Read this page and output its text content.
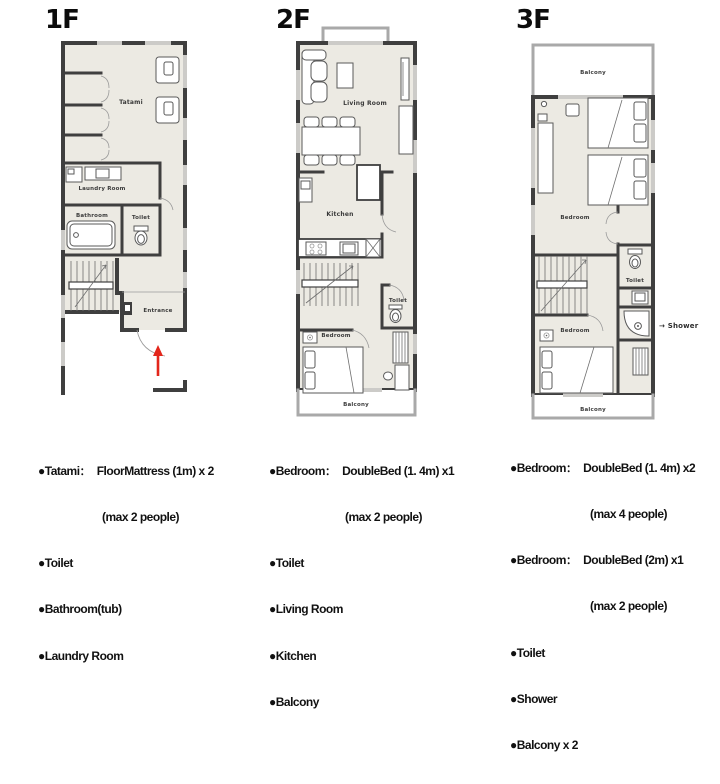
1F	2F	3F
Tatami
Laundry Room
Bathroom	Toilet
Entrance
Living Room
Kitchen
Toilet
Bedroom
Balcony
Balcony
Bedroom
Toilet
→ Shower
Bedroom
Balcony

●Tatami：  FloorMattress (1m) x 2

(max 2 people)

●Toilet

●Bathroom(tub)

●Laundry Room

●Bedroom：  DoubleBed (1. 4m) x1

(max 2 people)

●Toilet

●Living Room

●Kitchen

●Balcony

●Bedroom：  DoubleBed (1. 4m) x2

(max 4 people)

●Bedroom：  DoubleBed (2m) x1

(max 2 people)

●Toilet

●Shower

●Balcony x 2
